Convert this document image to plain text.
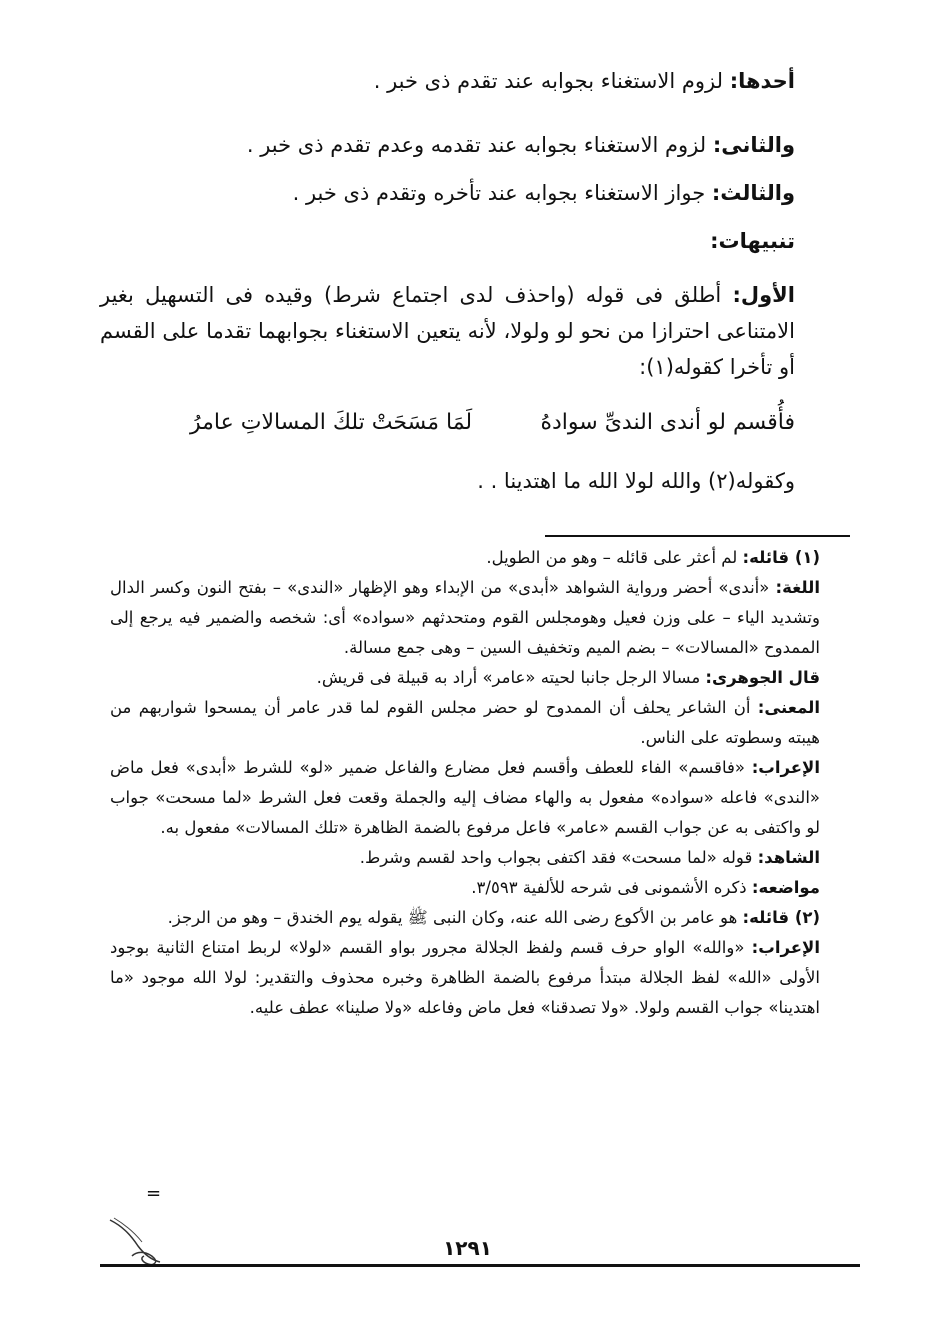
أحدها: لزوم الاستغناء بجوابه عند تقدم ذى خبر .
والثانى: لزوم الاستغناء بجوابه عند تقدمه وعدم تقدم ذى خبر .
والثالث: جواز الاستغناء بجوابه عند تأخره وتقدم ذى خبر .
تنبيهات:
الأول: أطلق فى قوله (واحذف لدى اجتماع شرط) وقيده فى التسهيل بغير الامتناعى احترازا من نحو لو ولولا، لأنه يتعين الاستغناء بجوابهما تقدما على القسم أو تأخرا كقوله(١):
فأُقسم لو أندى الندىِّ سوادهُ
لَمَا مَسَحَتْ تلكَ المسالاتِ عامرُ
وكقوله(٢) والله لولا الله ما اهتدينا . .
(١) قائله: لم أعثر على قائله – وهو من الطويل.
اللغة: «أندى» أحضر ورواية الشواهد «أبدى» من الإبداء وهو الإظهار «الندى» – بفتح النون وكسر الدال وتشديد الياء – على وزن فعيل وهومجلس القوم ومتحدثهم «سواده» أى: شخصه والضمير فيه يرجع إلى الممدوح «المسالات» – بضم الميم وتخفيف السين – وهى جمع مسالة.
قال الجوهرى: مسالا الرجل جانبا لحيته «عامر» أراد به قبيلة فى قريش.
المعنى: أن الشاعر يحلف أن الممدوح لو حضر مجلس القوم لما قدر عامر أن يمسحوا شواربهم من هيبته وسطوته على الناس.
الإعراب: «فاقسم» الفاء للعطف وأقسم فعل مضارع والفاعل ضمير «لو» للشرط «أبدى» فعل ماض «الندى» فاعله «سواده» مفعول به والهاء مضاف إليه والجملة وقعت فعل الشرط «لما مسحت» جواب لو واكتفى به عن جواب القسم «عامر» فاعل مرفوع بالضمة الظاهرة «تلك المسالات» مفعول به.
الشاهد: قوله «لما مسحت» فقد اكتفى بجواب واحد لقسم وشرط.
مواضعه: ذكره الأشمونى فى شرحه للألفية ٣/٥٩٣.
(٢) قائله: هو عامر بن الأكوع رضى الله عنه، وكان النبى ﷺ يقوله يوم الخندق – وهو من الرجز.
الإعراب: «والله» الواو حرف قسم ولفظ الجلالة مجرور بواو القسم «لولا» لربط امتناع الثانية بوجود الأولى «الله» لفظ الجلالة مبتدأ مرفوع بالضمة الظاهرة وخبره محذوف والتقدير: لولا الله موجود «ما اهتدينا» جواب القسم ولولا. «ولا تصدقنا» فعل ماض وفاعله «ولا صلينا» عطف عليه.
=
١٢٩١
